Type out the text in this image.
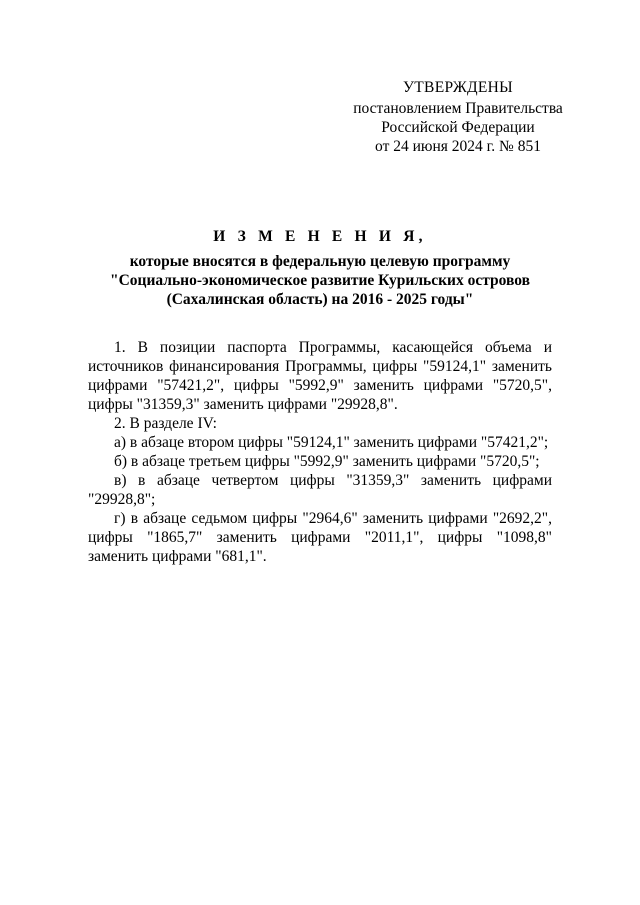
УТВЕРЖДЕНЫ
постановлением Правительства
Российской Федерации
от 24 июня 2024 г. № 851
И З М Е Н Е Н И Я,
которые вносятся в федеральную целевую программу
"Социально-экономическое развитие Курильских островов
(Сахалинская область) на 2016 - 2025 годы"

1. В позиции паспорта Программы, касающейся объема и источников финансирования Программы, цифры "59124,1" заменить цифрами "57421,2", цифры "5992,9" заменить цифрами "5720,5", цифры "31359,3" заменить цифрами "29928,8".

2. В разделе IV:

а) в абзаце втором цифры "59124,1" заменить цифрами "57421,2";

б) в абзаце третьем цифры "5992,9" заменить цифрами "5720,5";

в) в абзаце четвертом цифры "31359,3" заменить цифрами "29928,8";

г) в абзаце седьмом цифры "2964,6" заменить цифрами "2692,2", цифры "1865,7" заменить цифрами "2011,1", цифры "1098,8" заменить цифрами "681,1".
